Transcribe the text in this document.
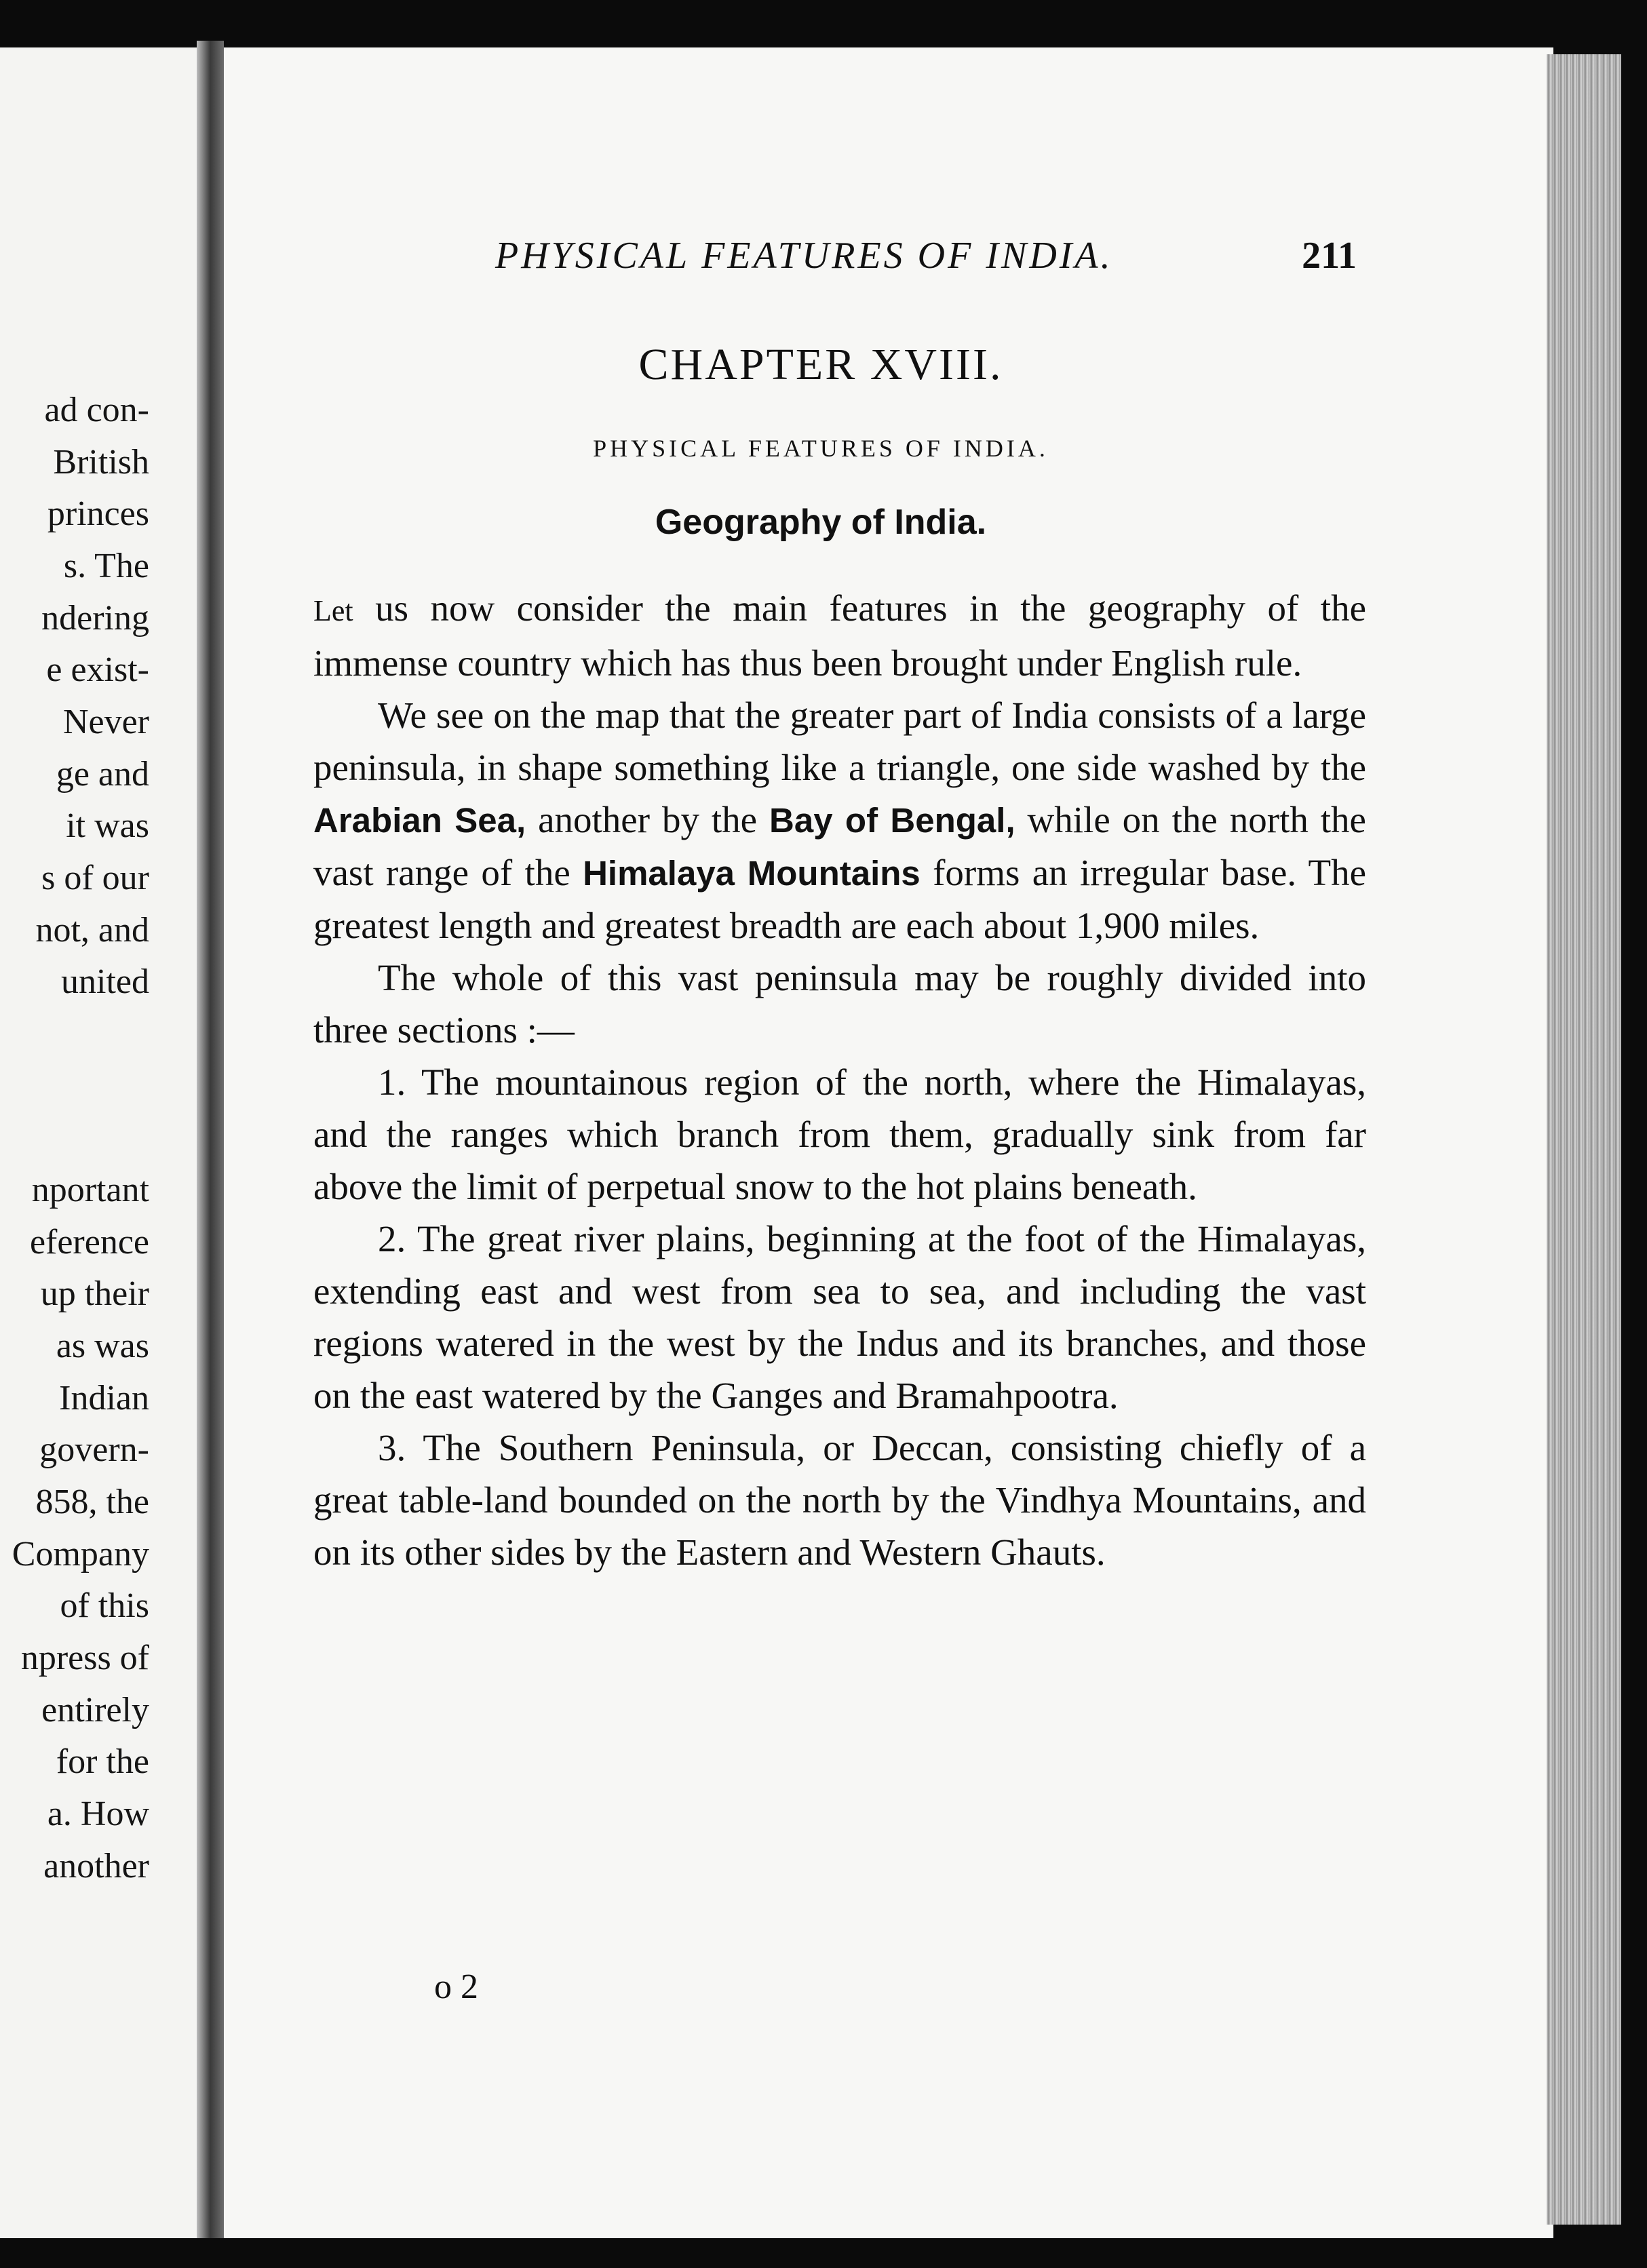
ad con-
British
princes
s. The
ndering
e exist-
Never
ge and
it was
s of our
not, and
united
nportant
eference
up their
as was
Indian
govern-
858, the
Company
of this
npress of
entirely
for the
a. How
another
PHYSICAL FEATURES OF INDIA.	211
CHAPTER XVIII.
PHYSICAL FEATURES OF INDIA.
Geography of India.

Let us now consider the main features in the geography of the immense country which has thus been brought under English rule.

We see on the map that the greater part of India consists of a large peninsula, in shape something like a triangle, one side washed by the Arabian Sea, another by the Bay of Bengal, while on the north the vast range of the Himalaya Mountains forms an irregular base. The greatest length and greatest breadth are each about 1,900 miles.

The whole of this vast peninsula may be roughly divided into three sections :—

1. The mountainous region of the north, where the Himalayas, and the ranges which branch from them, gradually sink from far above the limit of perpetual snow to the hot plains beneath.

2. The great river plains, beginning at the foot of the Himalayas, extending east and west from sea to sea, and including the vast regions watered in the west by the Indus and its branches, and those on the east watered by the Ganges and Bramahpootra.

3. The Southern Peninsula, or Deccan, consisting chiefly of a great table-land bounded on the north by the Vindhya Mountains, and on its other sides by the Eastern and Western Ghauts.

o 2
